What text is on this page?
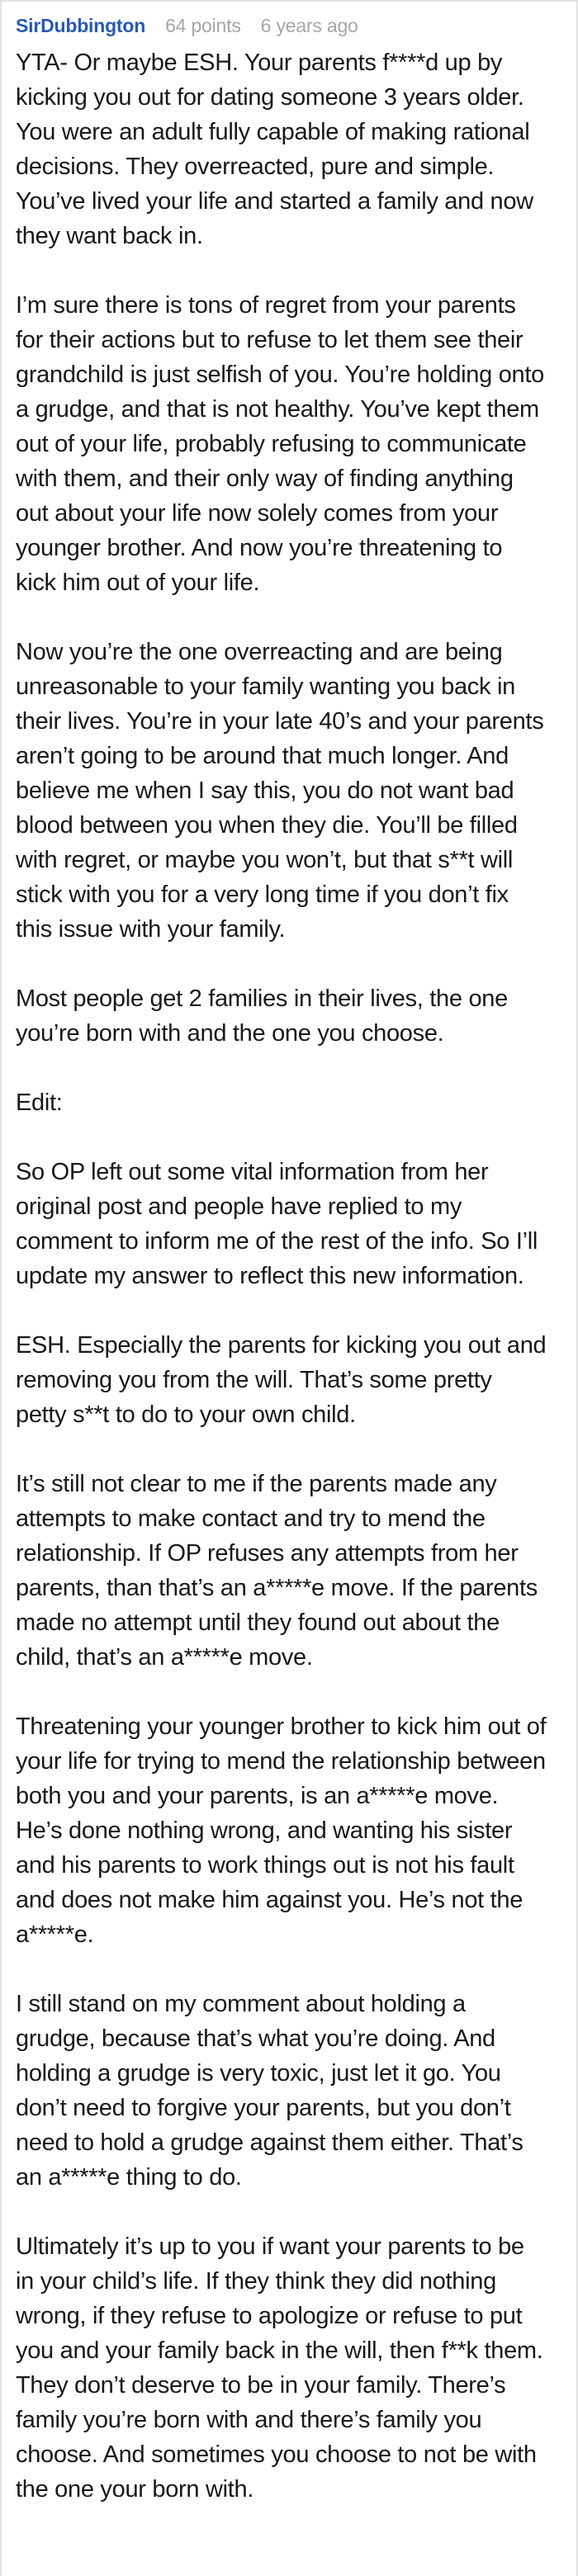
SirDubbington 64 points 6 years ago

YTA- Or maybe ESH. Your parents f****d up by kicking you out for dating someone 3 years older. You were an adult fully capable of making rational decisions. They overreacted, pure and simple. You’ve lived your life and started a family and now they want back in.

I’m sure there is tons of regret from your parents for their actions but to refuse to let them see their grandchild is just selfish of you. You’re holding onto a grudge, and that is not healthy. You’ve kept them out of your life, probably refusing to communicate with them, and their only way of finding anything out about your life now solely comes from your younger brother. And now you’re threatening to kick him out of your life.

Now you’re the one overreacting and are being unreasonable to your family wanting you back in their lives. You’re in your late 40’s and your parents aren’t going to be around that much longer. And believe me when I say this, you do not want bad blood between you when they die. You’ll be filled with regret, or maybe you won’t, but that s**t will stick with you for a very long time if you don’t fix this issue with your family.

Most people get 2 families in their lives, the one you’re born with and the one you choose.

Edit:

So OP left out some vital information from her original post and people have replied to my comment to inform me of the rest of the info. So I’ll update my answer to reflect this new information.

ESH. Especially the parents for kicking you out and removing you from the will. That’s some pretty petty s**t to do to your own child.

It’s still not clear to me if the parents made any attempts to make contact and try to mend the relationship. If OP refuses any attempts from her parents, than that’s an a*****e move. If the parents made no attempt until they found out about the child, that’s an a*****e move.

Threatening your younger brother to kick him out of your life for trying to mend the relationship between both you and your parents, is an a*****e move. He’s done nothing wrong, and wanting his sister and his parents to work things out is not his fault and does not make him against you. He’s not the a*****e.

I still stand on my comment about holding a grudge, because that’s what you’re doing. And holding a grudge is very toxic, just let it go. You don’t need to forgive your parents, but you don’t need to hold a grudge against them either. That’s an a*****e thing to do.

Ultimately it’s up to you if want your parents to be in your child’s life. If they think they did nothing wrong, if they refuse to apologize or refuse to put you and your family back in the will, then f**k them. They don’t deserve to be in your family. There’s family you’re born with and there’s family you choose. And sometimes you choose to not be with the one your born with.
